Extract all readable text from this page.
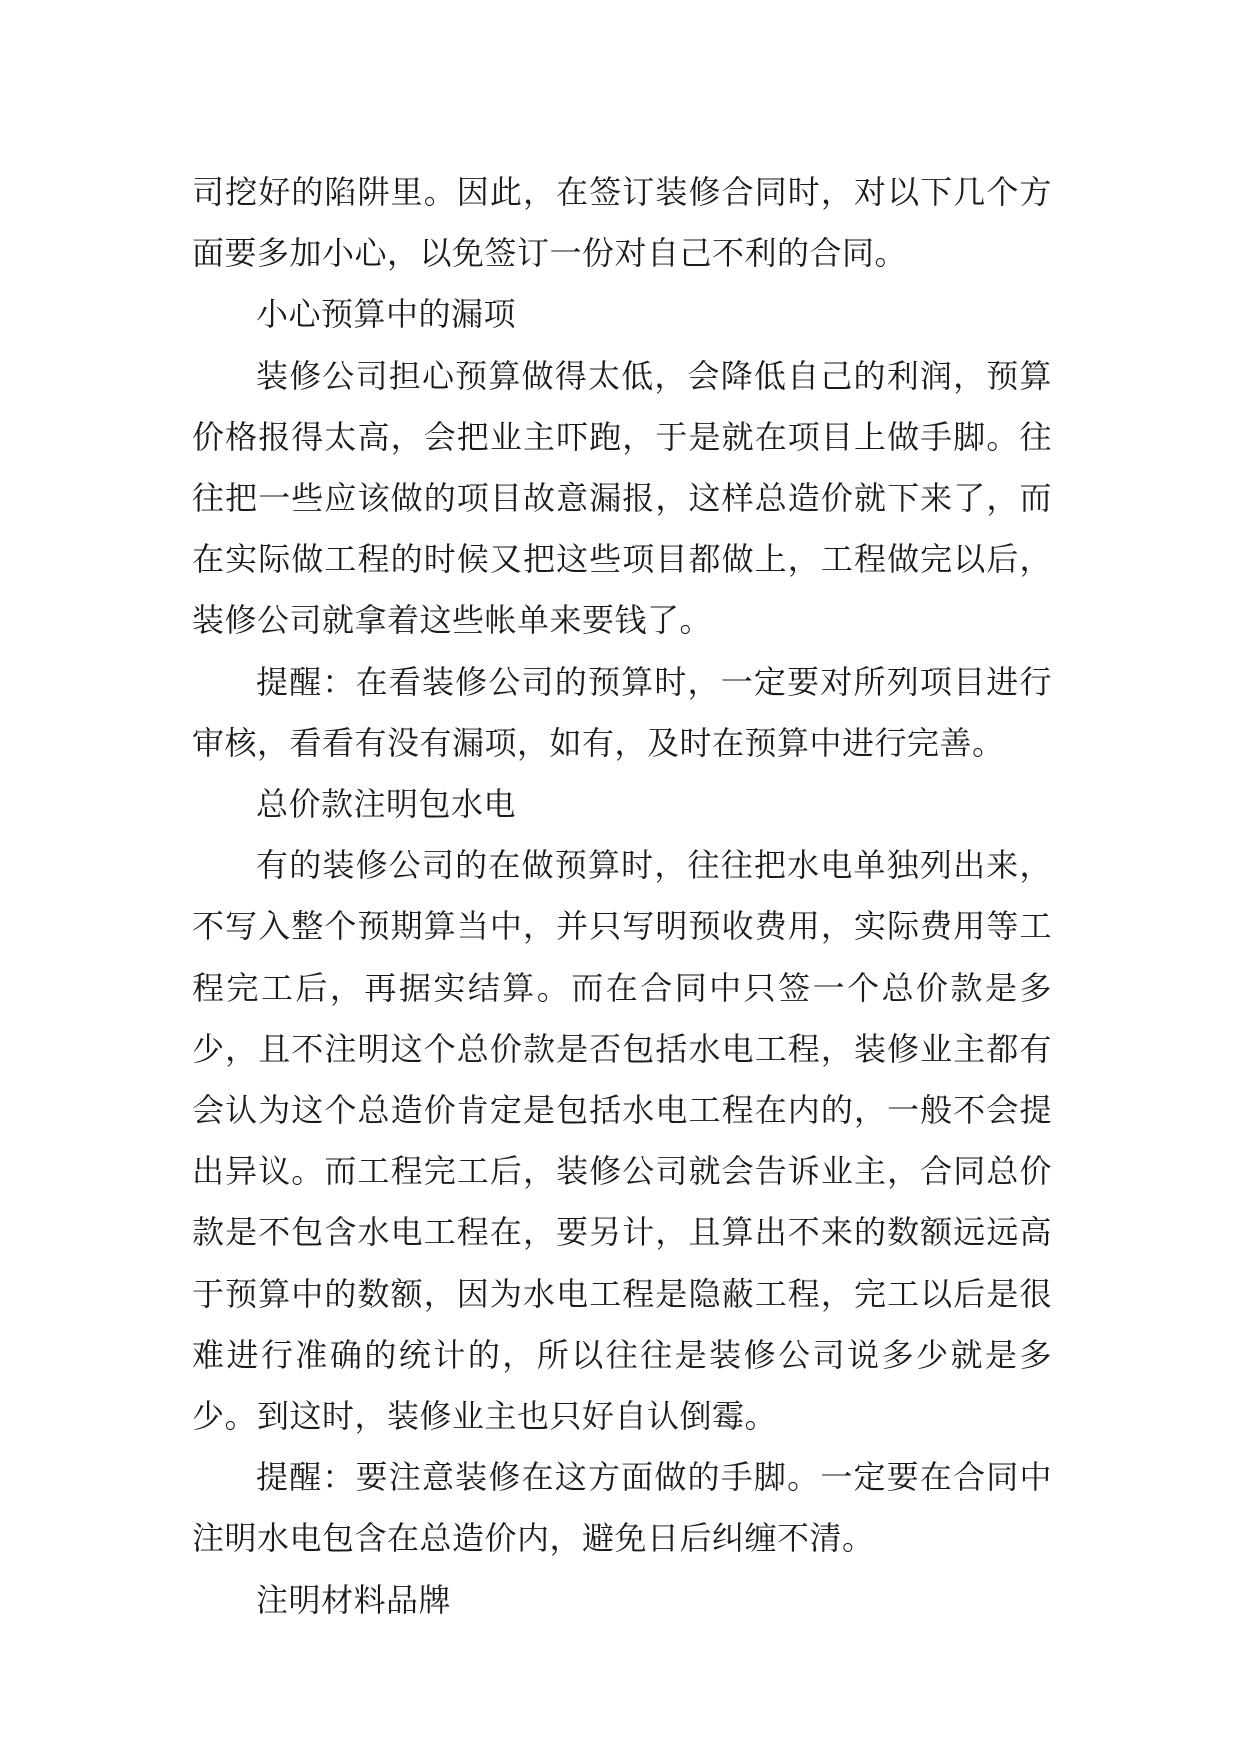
司挖好的陷阱里。因此，在签订装修合同时，对以下几个方面要多加小心，以免签订一份对自己不利的合同。

小心预算中的漏项

装修公司担心预算做得太低，会降低自己的利润，预算价格报得太高，会把业主吓跑，于是就在项目上做手脚。往往把一些应该做的项目故意漏报，这样总造价就下来了，而在实际做工程的时候又把这些项目都做上，工程做完以后，装修公司就拿着这些帐单来要钱了。

提醒：在看装修公司的预算时，一定要对所列项目进行审核，看看有没有漏项，如有，及时在预算中进行完善。

总价款注明包水电

有的装修公司的在做预算时，往往把水电单独列出来，不写入整个预期算当中，并只写明预收费用，实际费用等工程完工后，再据实结算。而在合同中只签一个总价款是多少，且不注明这个总价款是否包括水电工程，装修业主都有会认为这个总造价肯定是包括水电工程在内的，一般不会提出异议。而工程完工后，装修公司就会告诉业主，合同总价款是不包含水电工程在，要另计，且算出不来的数额远远高于预算中的数额，因为水电工程是隐蔽工程，完工以后是很难进行准确的统计的，所以往往是装修公司说多少就是多少。到这时，装修业主也只好自认倒霉。

提醒：要注意装修在这方面做的手脚。一定要在合同中注明水电包含在总造价内，避免日后纠缠不清。

注明材料品牌
